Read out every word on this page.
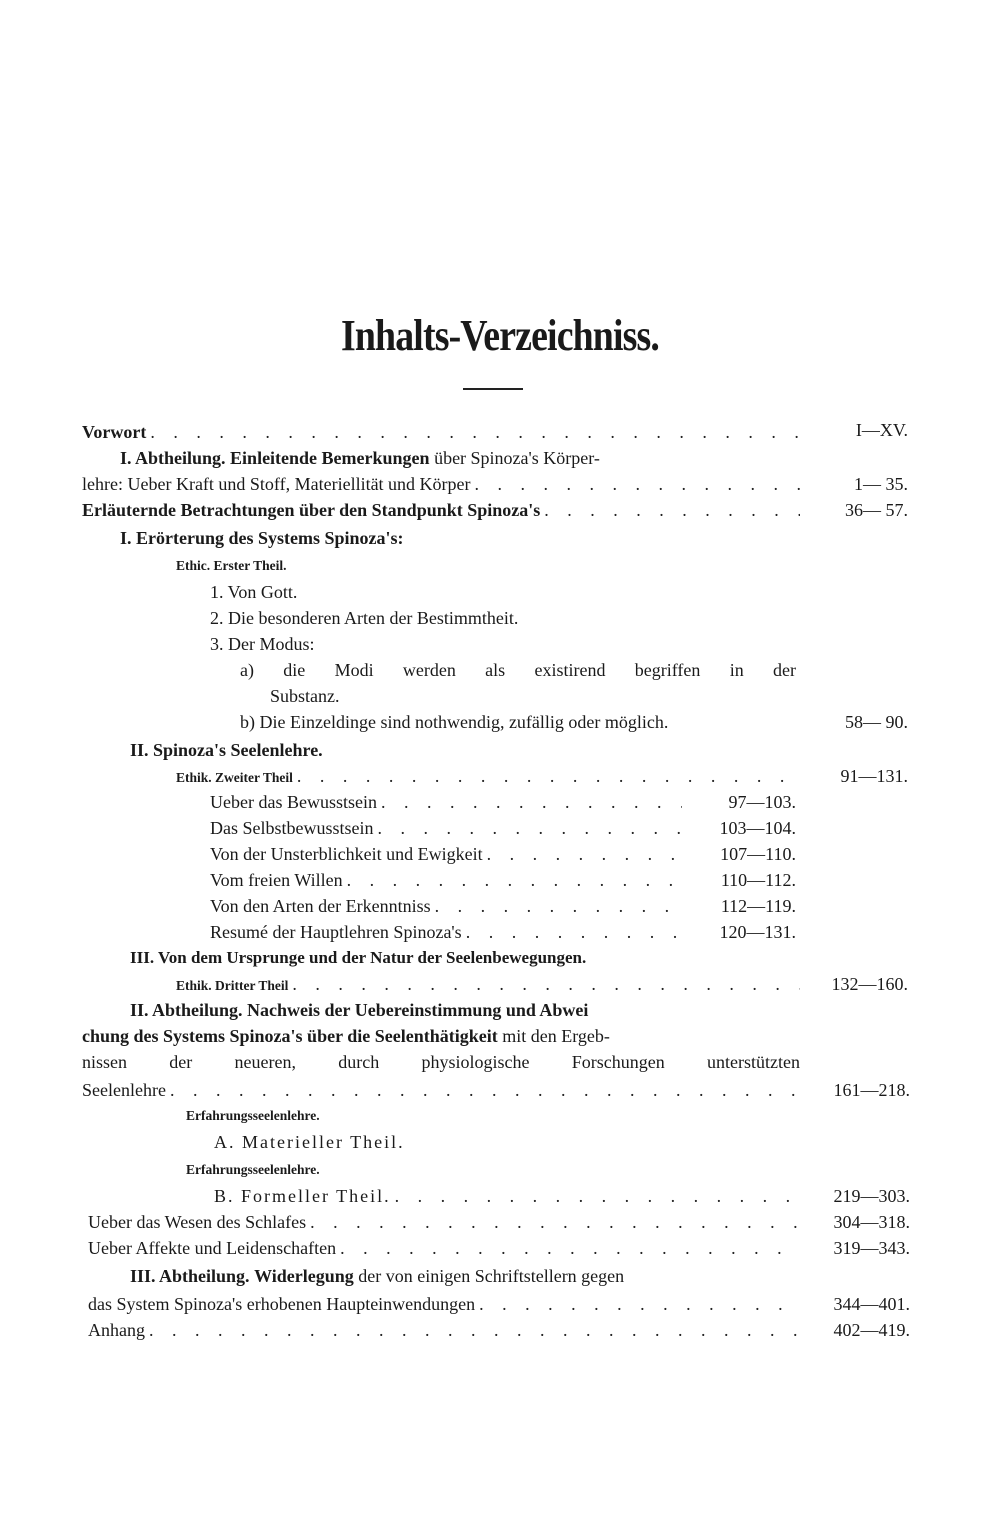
Inhalts-Verzeichniss.
Vorwort . . .	I—XV.
I. Abtheilung. Einleitende Bemerkungen über Spinoza's Körper-
lehre: Ueber Kraft und Stoff, Materiellität und Körper . . .	1— 35.
Erläuternde Betrachtungen über den Standpunkt Spinoza's . . .	36— 57.
I. Erörterung des Systems Spinoza's:
Ethic. Erster Theil.
1. Von Gott.
2. Die besonderen Arten der Bestimmtheit.
3. Der Modus:
a) die Modi werden als existirend begriffen in der
Substanz.
b) Die Einzeldinge sind nothwendig, zufällig oder möglich.	58— 90.
II. Spinoza's Seelenlehre.
Ethik. Zweiter Theil . . .	91—131.
Ueber das Bewusstsein . . .	97—103.
Das Selbstbewusstsein . . .	103—104.
Von der Unsterblichkeit und Ewigkeit . . .	107—110.
Vom freien Willen . . .	110—112.
Von den Arten der Erkenntniss . . .	112—119.
Resumé der Hauptlehren Spinoza's . . .	120—131.
III. Von dem Ursprunge und der Natur der Seelenbewegungen.
Ethik. Dritter Theil . . .	132—160.
II. Abtheilung. Nachweis der Uebereinstimmung und Abwei
chung des Systems Spinoza's über die Seelenthätigkeit mit den Ergeb-
nissen der neueren, durch physiologische Forschungen unterstützten
Seelenlehre . . .	161—218.
Erfahrungsseelenlehre.
A. Materieller Theil.
Erfahrungsseelenlehre.
B. Formeller Theil. . . .	219—303.
Ueber das Wesen des Schlafes . . .	304—318.
Ueber Affekte und Leidenschaften . . .	319—343.
III. Abtheilung. Widerlegung der von einigen Schriftstellern gegen
das System Spinoza's erhobenen Haupteinwendungen . . .	344—401.
Anhang . . .	402—419.
